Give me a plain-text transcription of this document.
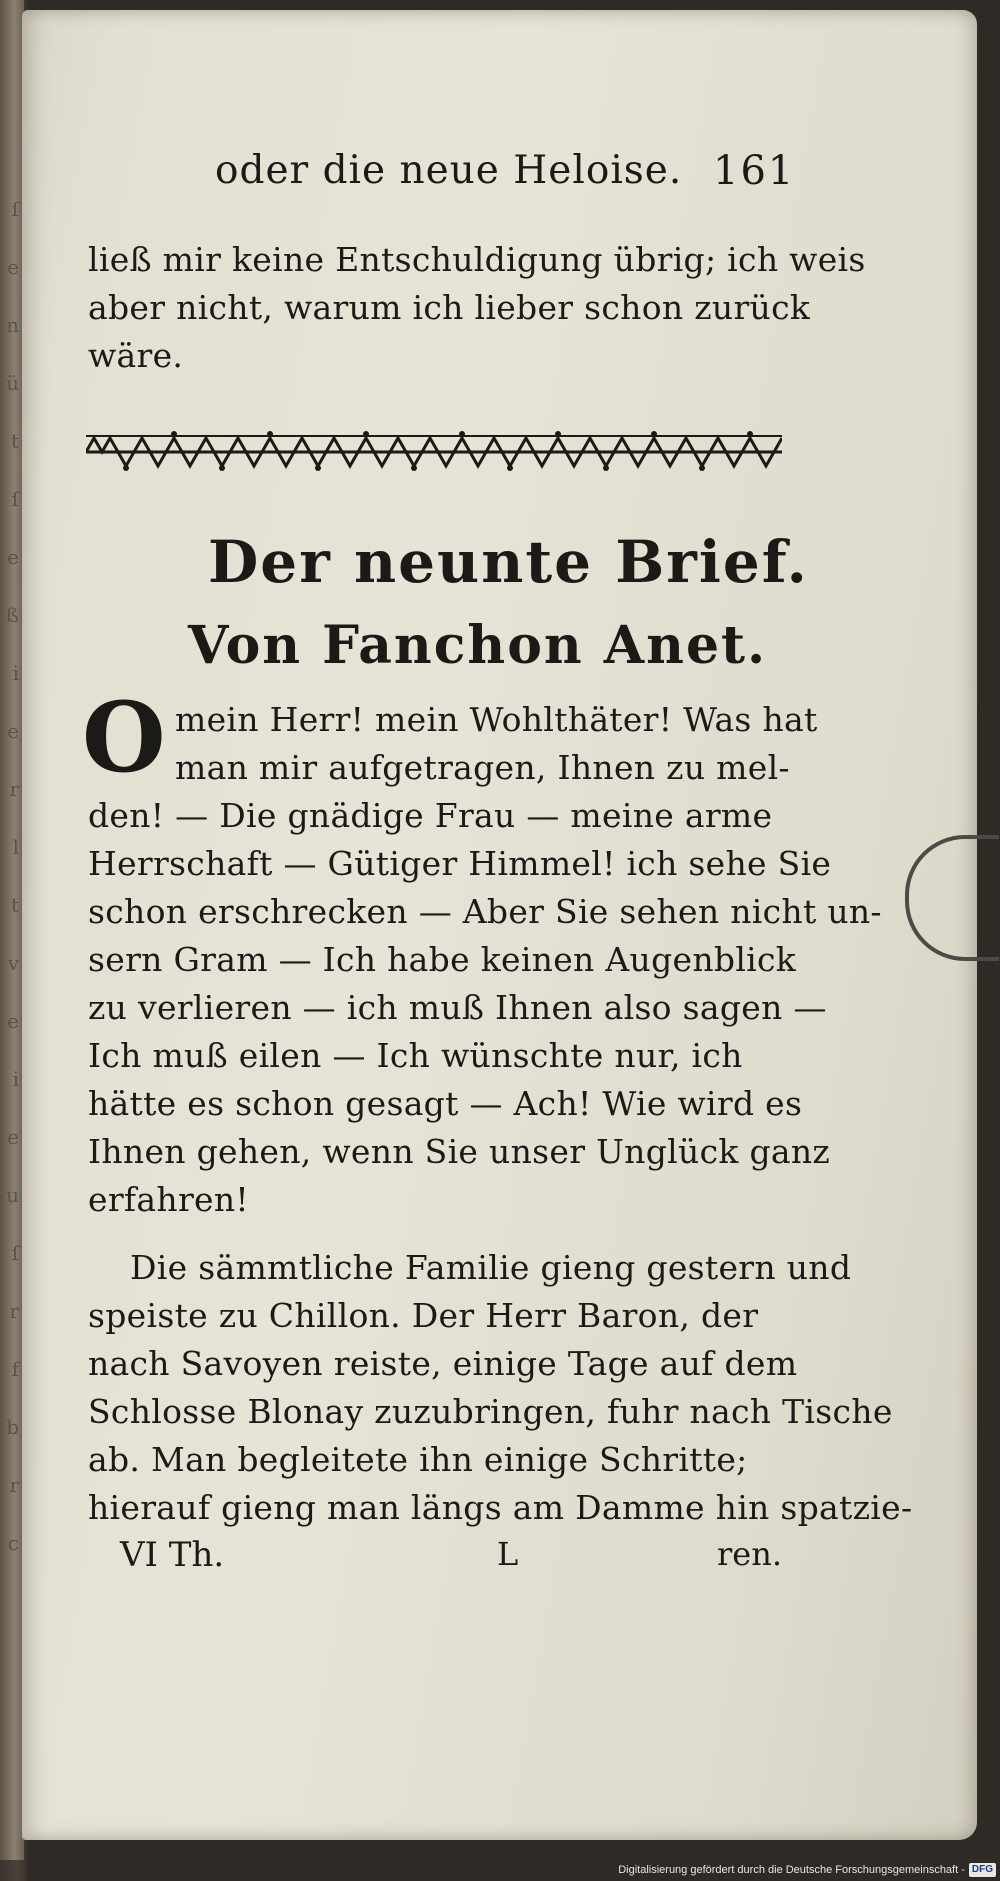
ſ
e
n
ü
t
ſ
e
ß
i
e
r
l
t
v
e
i
e
u
ſ
r
f
b
r
c
oder die neue Heloise. 161
ließ mir keine Entschuldigung übrig; ich weis
aber nicht, warum ich lieber schon zurück
wäre.
Der neunte Brief.
Von Fanchon Anet.
O mein Herr! mein Wohlthäter! Was hat
man mir aufgetragen, Ihnen zu mel-
den! — Die gnädige Frau — meine arme
Herrschaft — Gütiger Himmel! ich sehe Sie
schon erschrecken — Aber Sie sehen nicht un-
sern Gram — Ich habe keinen Augenblick
zu verlieren — ich muß Ihnen also sagen —
Ich muß eilen — Ich wünschte nur, ich
hätte es schon gesagt — Ach! Wie wird es
Ihnen gehen, wenn Sie unser Unglück ganz
erfahren!
Die sämmtliche Familie gieng gestern und
speiste zu Chillon. Der Herr Baron, der
nach Savoyen reiste, einige Tage auf dem
Schlosse Blonay zuzubringen, fuhr nach Tische
ab. Man begleitete ihn einige Schritte;
hierauf gieng man längs am Damme hin spatzie-
VI Th.	L	ren.
Digitalisierung gefördert durch die Deutsche Forschungsgemeinschaft - DFG
